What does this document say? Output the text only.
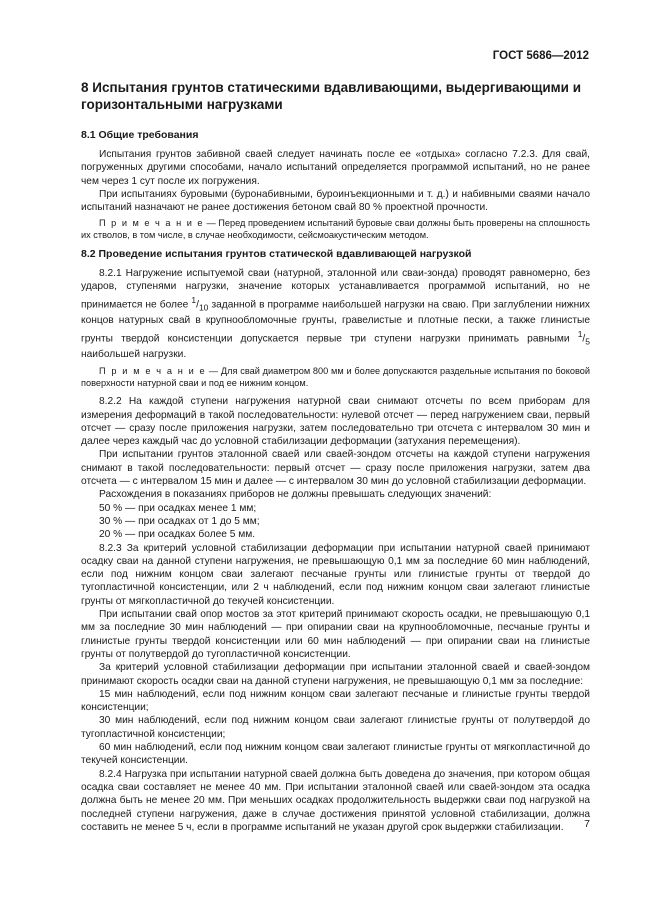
ГОСТ 5686—2012
8 Испытания грунтов статическими вдавливающими, выдергивающими и горизонтальными нагрузками
8.1 Общие требования

Испытания грунтов забивной сваей следует начинать после ее «отдыха» согласно 7.2.3. Для свай, погруженных другими способами, начало испытаний определяется программой испытаний, но не ранее чем через 1 сут после их погружения.

При испытаниях буровыми (буронабивными, буроинъекционными и т. д.) и набивными сваями начало испытаний назначают не ранее достижения бетоном свай 80 % проектной прочности.

П р и м е ч а н и е — Перед проведением испытаний буровые сваи должны быть проверены на сплошность их стволов, в том числе, в случае необходимости, сейсмоакустическим методом.

8.2 Проведение испытания грунтов статической вдавливающей нагрузкой

8.2.1 Нагружение испытуемой сваи (натурной, эталонной или сваи-зонда) проводят равномерно, без ударов, ступенями нагрузки, значение которых устанавливается программой испытаний, но не принимается не более $^1/_{10}$ заданной в программе наибольшей нагрузки на сваю. При заглублении нижних концов натурных свай в крупнообломочные грунты, гравелистые и плотные пески, а также глинистые грунты твердой консистенции допускается первые три ступени нагрузки принимать равными $^1/_5$ наибольшей нагрузки.

П р и м е ч а н и е — Для свай диаметром 800 мм и более допускаются раздельные испытания по боковой поверхности натурной сваи и под ее нижним концом.

8.2.2 На каждой ступени нагружения натурной сваи снимают отсчеты по всем приборам для измерения деформаций в такой последовательности: нулевой отсчет — перед нагружением сваи, первый отсчет — сразу после приложения нагрузки, затем последовательно три отсчета с интервалом 30 мин и далее через каждый час до условной стабилизации деформации (затухания перемещения).

При испытании грунтов эталонной сваей или сваей-зондом отсчеты на каждой ступени нагружения снимают в такой последовательности: первый отсчет — сразу после приложения нагрузки, затем два отсчета — с интервалом 15 мин и далее — с интервалом 30 мин до условной стабилизации деформации.

Расхождения в показаниях приборов не должны превышать следующих значений:

50 % — при осадках менее 1 мм;

30 % — при осадках от 1 до 5 мм;

20 % — при осадках более 5 мм.

8.2.3 За критерий условной стабилизации деформации при испытании натурной сваей принимают осадку сваи на данной ступени нагружения, не превышающую 0,1 мм за последние 60 мин наблюдений, если под нижним концом сваи залегают песчаные грунты или глинистые грунты от твердой до тугопластичной консистенции, или 2 ч наблюдений, если под нижним концом сваи залегают глинистые грунты от мягкопластичной до текучей консистенции.

При испытании свай опор мостов за этот критерий принимают скорость осадки, не превышающую 0,1 мм за последние 30 мин наблюдений — при опирании сваи на крупнообломочные, песчаные грунты и глинистые грунты твердой консистенции или 60 мин наблюдений — при опирании сваи на глинистые грунты от полутвердой до тугопластичной консистенции.

За критерий условной стабилизации деформации при испытании эталонной сваей и сваей-зондом принимают скорость осадки сваи на данной ступени нагружения, не превышающую 0,1 мм за последние:

15 мин наблюдений, если под нижним концом сваи залегают песчаные и глинистые грунты твердой консистенции;

30 мин наблюдений, если под нижним концом сваи залегают глинистые грунты от полутвердой до тугопластичной консистенции;

60 мин наблюдений, если под нижним концом сваи залегают глинистые грунты от мягкопластичной до текучей консистенции.

8.2.4 Нагрузка при испытании натурной сваей должна быть доведена до значения, при котором общая осадка сваи составляет не менее 40 мм. При испытании эталонной сваей или сваей-зондом эта осадка должна быть не менее 20 мм. При меньших осадках продолжительность выдержки сваи под нагрузкой на последней ступени нагружения, даже в случае достижения принятой условной стабилизации, должна составить не менее 5 ч, если в программе испытаний не указан другой срок выдержки стабилизации.	7
